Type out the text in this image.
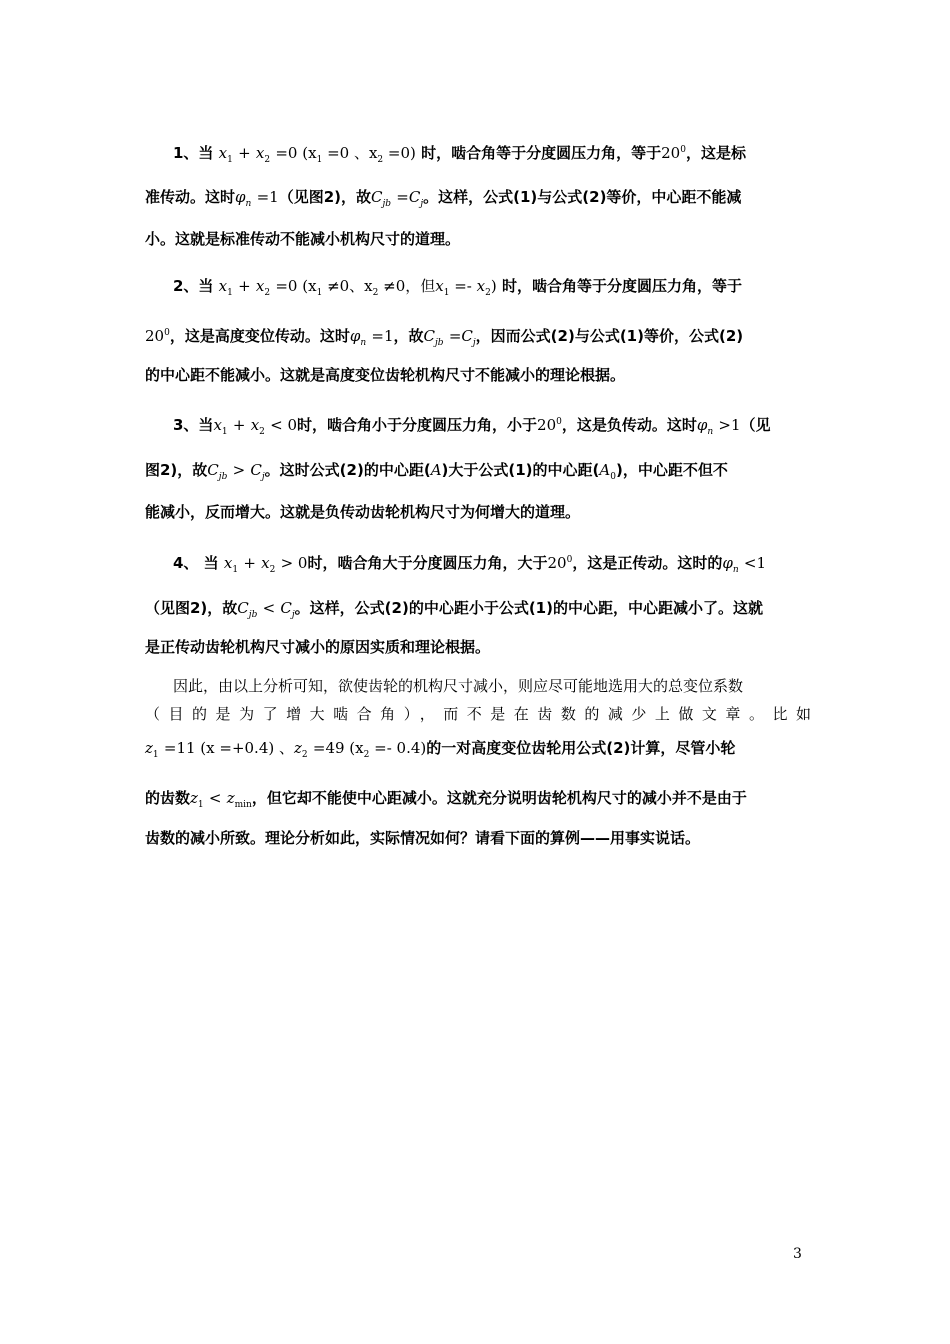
1、当 $x_1 + x_2 =0$ ($x_1 =0$ 、$x_2 =0$) 时，啮合角等于分度圆压力角，等于$20^0$，这是标
准传动。这时$\varphi_n =1$（见图2)，故$C_{jb} =C_j$。这样，公式(1)与公式(2)等价，中心距不能减
小。这就是标准传动不能减小机构尺寸的道理。
2、当 $x_1 + x_2 =0$ ($x_1 \ne 0$、$x_2 \ne 0$，但$x_1 =- x_2$) 时，啮合角等于分度圆压力角，等于
$20^0$，这是高度变位传动。这时$\varphi_n =1$，故$C_{jb} =C_j$，因而公式(2)与公式(1)等价，公式(2)
的中心距不能减小。这就是高度变位齿轮机构尺寸不能减小的理论根据。
3、当$x_1 + x_2 < 0$时，啮合角小于分度圆压力角，小于$20^0$，这是负传动。这时$\varphi_n >1$（见
图2)，故$C_{jb} > C_j$。这时公式(2)的中心距(A)大于公式(1)的中心距$(A_0)$，中心距不但不
能减小，反而增大。这就是负传动齿轮机构尺寸为何增大的道理。
4、 当 $x_1 + x_2 > 0$时，啮合角大于分度圆压力角，大于$20^0$，这是正传动。这时的$\varphi_n <1$
（见图2)，故$C_{jb} < C_j$。这样，公式(2)的中心距小于公式(1)的中心距，中心距减小了。这就
是正传动齿轮机构尺寸减小的原因实质和理论根据。
因此，由以上分析可知，欲使齿轮的机构尺寸减小，则应尽可能地选用大的总变位系数
（目的是为了增大啮合角），而不是在齿数的减少上做文章。比如
$z_1 =11$ (x =+0.4) 、$z_2 =49$ $(x_2 =- 0.4)$的一对高度变位齿轮用公式(2)计算，尽管小轮
的齿数$z_1 < z_{min}$，但它却不能使中心距减小。这就充分说明齿轮机构尺寸的减小并不是由于
齿数的减小所致。理论分析如此，实际情况如何？请看下面的算例——用事实说话。
3
